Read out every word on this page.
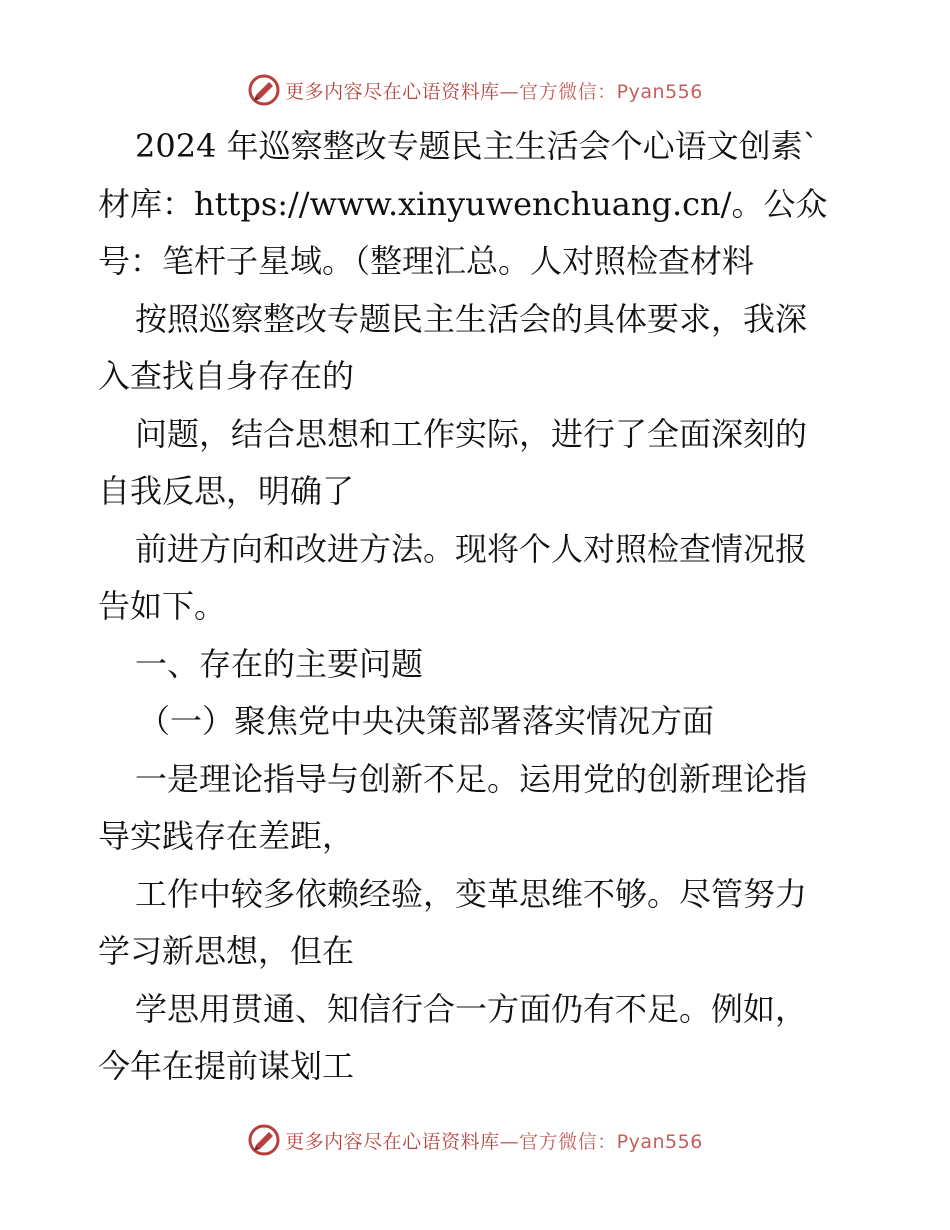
更多内容尽在心语资料库 —官方微信：Pyan556
2024 年巡察整改专题民主生活会个心语文创素`
材库：https://www.xinyuwenchuang.cn/。公众
号：笔杆子星域。（整理汇总。人对照检查材料
按照巡察整改专题民主生活会的具体要求，我深
入查找自身存在的
问题，结合思想和工作实际，进行了全面深刻的
自我反思，明确了
前进方向和改进方法。现将个人对照检查情况报
告如下。
一、存在的主要问题
（一）聚焦党中央决策部署落实情况方面
一是理论指导与创新不足。运用党的创新理论指
导实践存在差距，
工作中较多依赖经验，变革思维不够。尽管努力
学习新思想，但在
学思用贯通、知信行合一方面仍有不足。例如，
今年在提前谋划工
更多内容尽在心语资料库 —官方微信：Pyan556
